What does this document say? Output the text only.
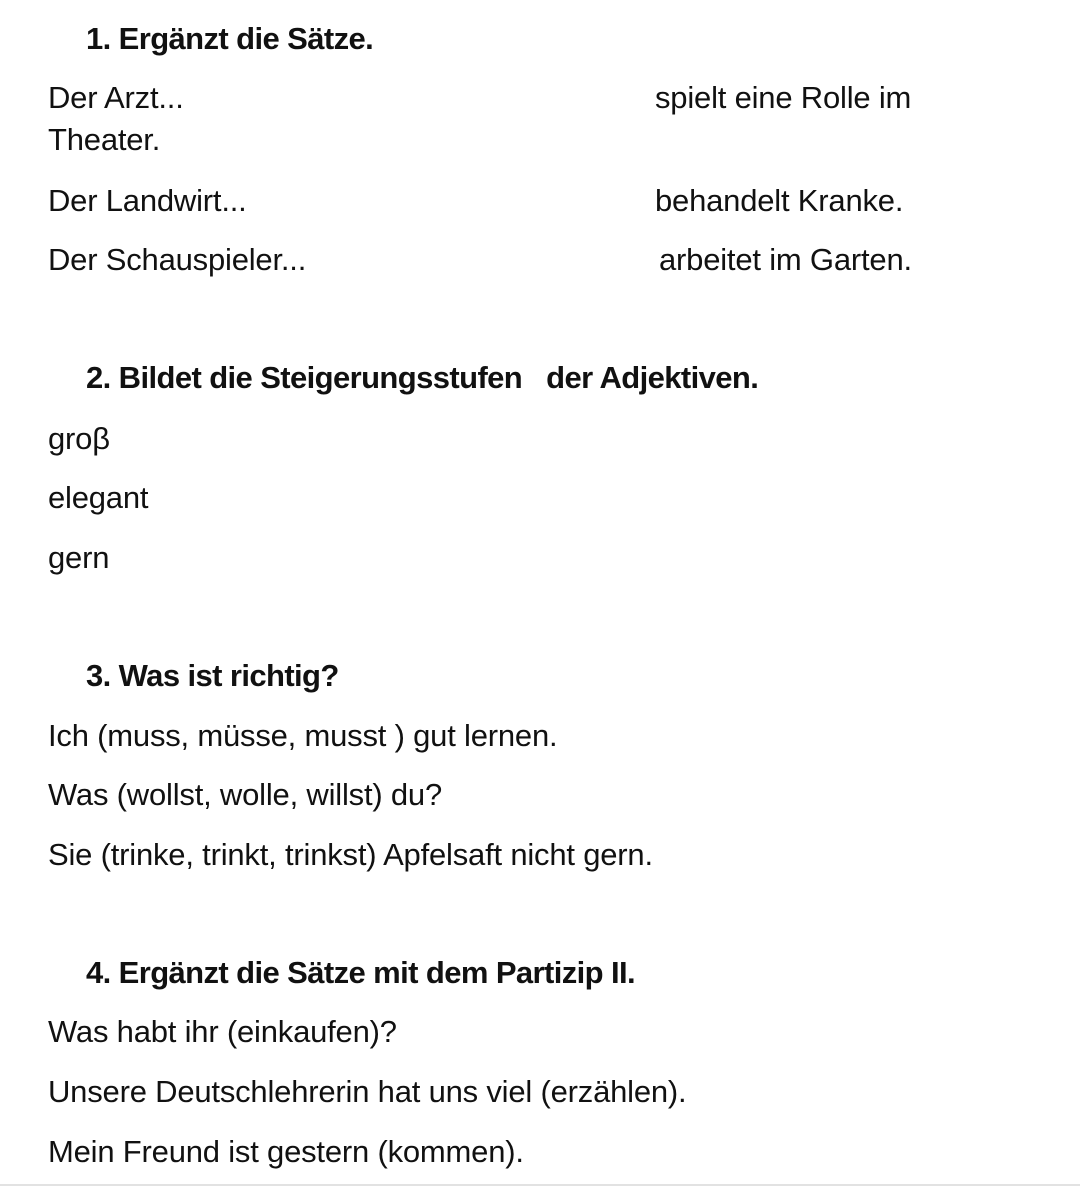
1. Ergänzt die Sätze.
Der Arzt...	spielt eine Rolle im
Theater.
Der Landwirt...	behandelt Kranke.
Der Schauspieler...	arbeitet im Garten.
2. Bildet die Steigerungsstufen   der Adjektiven.
groβ
elegant
gern
3. Was ist richtig?
Ich (muss, müsse, musst ) gut lernen.
Was (wollst, wolle, willst) du?
Sie (trinke, trinkt, trinkst) Apfelsaft nicht gern.
4. Ergänzt die Sätze mit dem Partizip II.
Was habt ihr (einkaufen)?
Unsere Deutschlehrerin hat uns viel (erzählen).
Mein Freund ist gestern (kommen).
